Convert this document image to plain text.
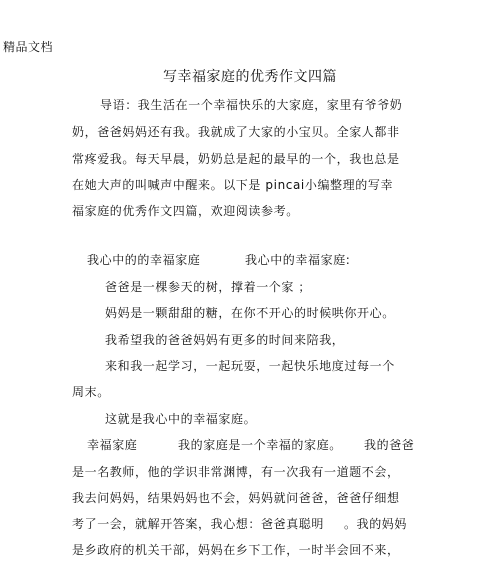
精品文档
写幸福家庭的优秀作文四篇
导语：我生活在一个幸福快乐的大家庭，家里有爷爷奶
奶，爸爸妈妈还有我。我就成了大家的小宝贝。全家人都非
常疼爱我。每天早晨，奶奶总是起的最早的一个，我也总是
在她大声的叫喊声中醒来。以下是 pincai小编整理的写幸
福家庭的优秀作文四篇，欢迎阅读参考。
我心中的的幸福家庭	我心中的幸福家庭:
爸爸是一棵参天的树，撑着一个家 ；
妈妈是一颗甜甜的糖，在你不开心的时候哄你开心。
我希望我的爸爸妈妈有更多的时间来陪我，
来和我一起学习，一起玩耍，一起快乐地度过每一个
周末。
这就是我心中的幸福家庭。
幸福家庭	我的家庭是一个幸福的家庭。 我的爸爸
是一名教师，他的学识非常渊博，有一次我有一道题不会，
我去问妈妈，结果妈妈也不会，妈妈就问爸爸，爸爸仔细想
考了一会，就解开答案，我心想：爸爸真聪明 。我的妈妈
是乡政府的机关干部，妈妈在乡下工作，一时半会回不来，
